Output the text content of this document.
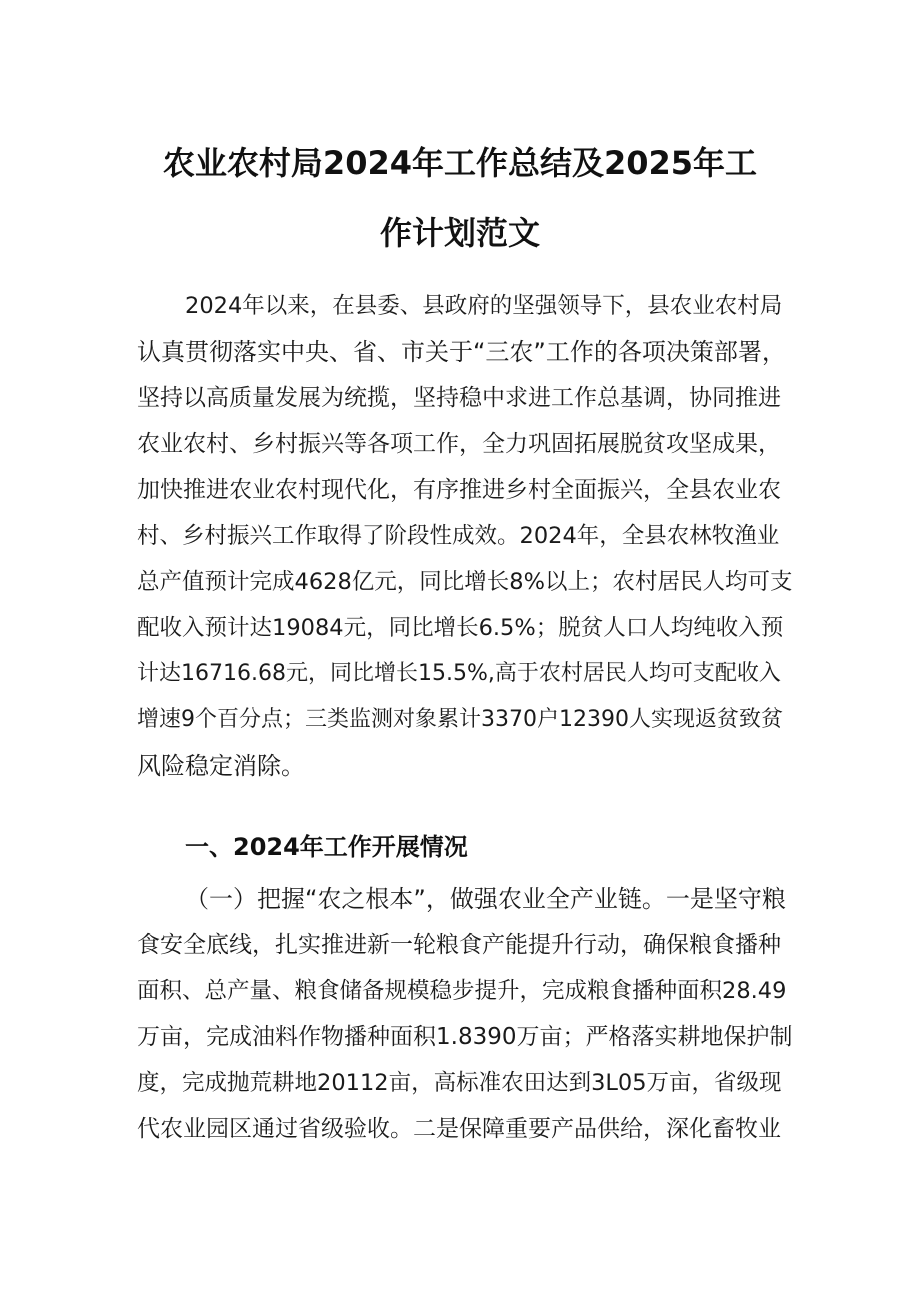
农业农村局2024年工作总结及2025年工
作计划范文
2024年以来，在县委、县政府的坚强领导下，县农业农村局
认真贯彻落实中央、省、市关于“三农”工作的各项决策部署，
坚持以高质量发展为统揽，坚持稳中求进工作总基调，协同推进
农业农村、乡村振兴等各项工作，全力巩固拓展脱贫攻坚成果，
加快推进农业农村现代化，有序推进乡村全面振兴，全县农业农
村、乡村振兴工作取得了阶段性成效。2024年，全县农林牧渔业
总产值预计完成4628亿元，同比增长8%以上；农村居民人均可支
配收入预计达19084元，同比增长6.5%；脱贫人口人均纯收入预
计达16716.68元，同比增长15.5%,高于农村居民人均可支配收入
增速9个百分点；三类监测对象累计3370户12390人实现返贫致贫
风险稳定消除。
一、2024年工作开展情况
（一）把握“农之根本”，做强农业全产业链。一是坚守粮
食安全底线，扎实推进新一轮粮食产能提升行动，确保粮食播种
面积、总产量、粮食储备规模稳步提升，完成粮食播种面积28.49
万亩，完成油料作物播种面积1.8390万亩；严格落实耕地保护制
度，完成抛荒耕地20112亩，高标准农田达到3L05万亩，省级现
代农业园区通过省级验收。二是保障重要产品供给，深化畜牧业
